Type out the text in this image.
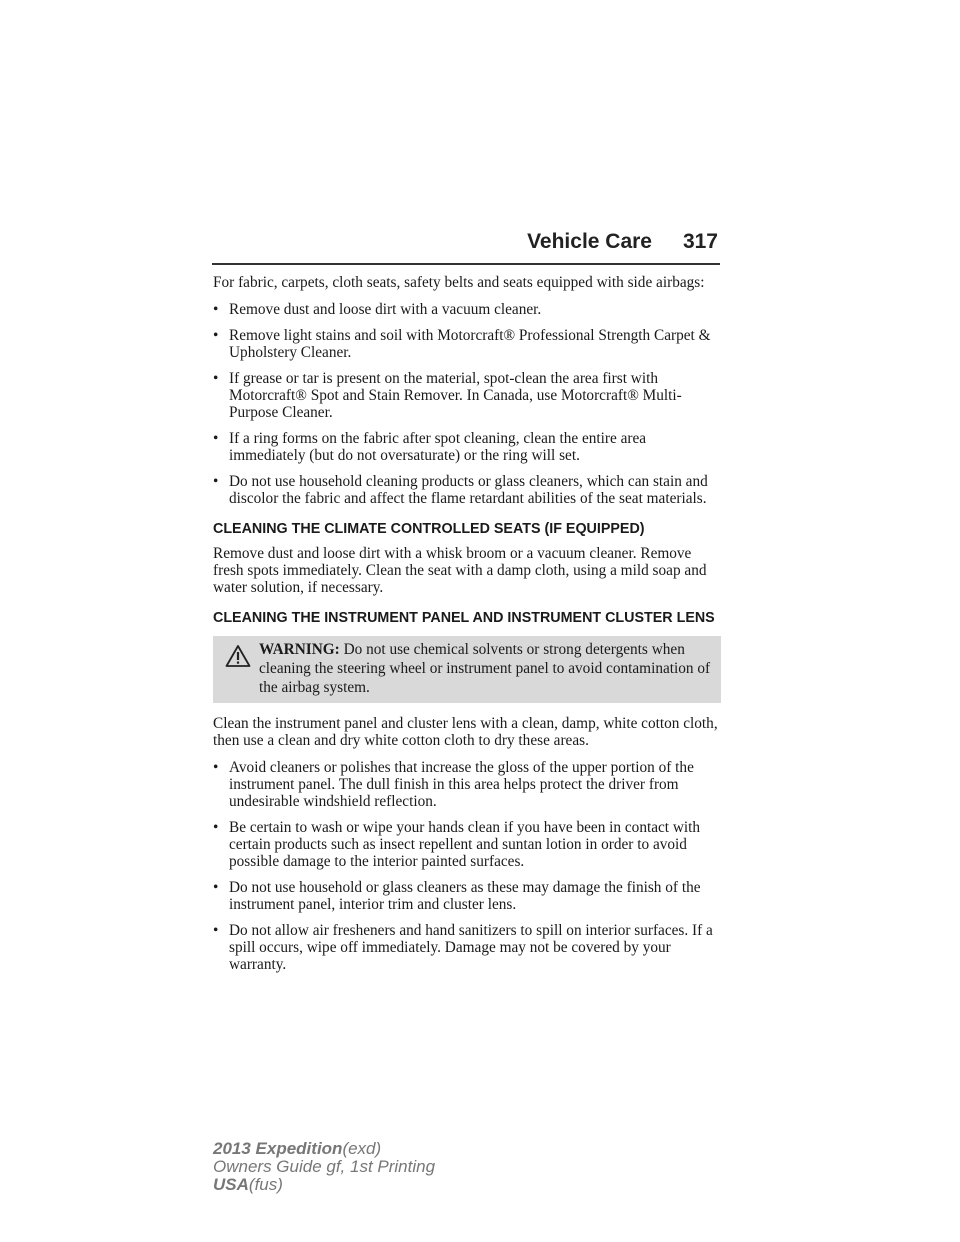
Vehicle Care 317

For fabric, carpets, cloth seats, safety belts and seats equipped with side airbags:

• Remove dust and loose dirt with a vacuum cleaner.
• Remove light stains and soil with Motorcraft® Professional Strength Carpet & Upholstery Cleaner.
• If grease or tar is present on the material, spot-clean the area first with Motorcraft® Spot and Stain Remover. In Canada, use Motorcraft® Multi-Purpose Cleaner.
• If a ring forms on the fabric after spot cleaning, clean the entire area immediately (but do not oversaturate) or the ring will set.
• Do not use household cleaning products or glass cleaners, which can stain and discolor the fabric and affect the flame retardant abilities of the seat materials.
CLEANING THE CLIMATE CONTROLLED SEATS (IF EQUIPPED)

Remove dust and loose dirt with a whisk broom or a vacuum cleaner. Remove fresh spots immediately. Clean the seat with a damp cloth, using a mild soap and water solution, if necessary.

CLEANING THE INSTRUMENT PANEL AND INSTRUMENT CLUSTER LENS
WARNING: Do not use chemical solvents or strong detergents when cleaning the steering wheel or instrument panel to avoid contamination of the airbag system.

Clean the instrument panel and cluster lens with a clean, damp, white cotton cloth, then use a clean and dry white cotton cloth to dry these areas.

• Avoid cleaners or polishes that increase the gloss of the upper portion of the instrument panel. The dull finish in this area helps protect the driver from undesirable windshield reflection.
• Be certain to wash or wipe your hands clean if you have been in contact with certain products such as insect repellent and suntan lotion in order to avoid possible damage to the interior painted surfaces.
• Do not use household or glass cleaners as these may damage the finish of the instrument panel, interior trim and cluster lens.
• Do not allow air fresheners and hand sanitizers to spill on interior surfaces. If a spill occurs, wipe off immediately. Damage may not be covered by your warranty.
2013 Expedition(exd)
Owners Guide gf, 1st Printing
USA(fus)
